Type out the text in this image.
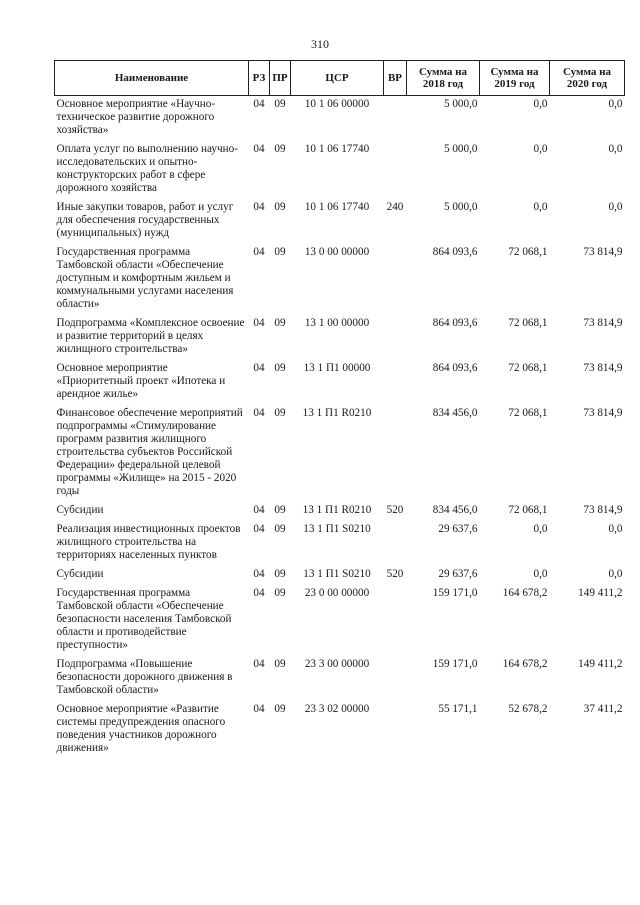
310
Наименование	РЗ	ПР	ЦСР	ВР	Сумма на 2018 год	Сумма на 2019 год	Сумма на 2020 год
Основное мероприятие «Научно-техническое развитие дорожного хозяйства»	04	09	10 1 06 00000		5 000,0	0,0	0,0
Оплата услуг по выполнению научно-исследовательских и опытно-конструкторских работ в сфере дорожного хозяйства	04	09	10 1 06 17740		5 000,0	0,0	0,0
Иные закупки товаров, работ и услуг для обеспечения государственных (муниципальных) нужд	04	09	10 1 06 17740	240	5 000,0	0,0	0,0
Государственная программа Тамбовской области «Обеспечение доступным и комфортным жильем и коммунальными услугами населения области»	04	09	13 0 00 00000		864 093,6	72 068,1	73 814,9
Подпрограмма «Комплексное освоение и развитие территорий в целях жилищного строительства»	04	09	13 1 00 00000		864 093,6	72 068,1	73 814,9
Основное мероприятие «Приоритетный проект «Ипотека и арендное жилье»	04	09	13 1 П1 00000		864 093,6	72 068,1	73 814,9
Финансовое обеспечение мероприятий подпрограммы «Стимулирование программ развития жилищного строительства субъектов Российской Федерации» федеральной целевой программы «Жилище» на 2015 - 2020 годы	04	09	13 1 П1 R0210		834 456,0	72 068,1	73 814,9
Субсидии	04	09	13 1 П1 R0210	520	834 456,0	72 068,1	73 814,9
Реализация инвестиционных проектов жилищного строительства на территориях населенных пунктов	04	09	13 1 П1 S0210		29 637,6	0,0	0,0
Субсидии	04	09	13 1 П1 S0210	520	29 637,6	0,0	0,0
Государственная программа Тамбовской области «Обеспечение безопасности населения Тамбовской области и противодействие преступности»	04	09	23 0 00 00000		159 171,0	164 678,2	149 411,2
Подпрограмма «Повышение безопасности дорожного движения в Тамбовской области»	04	09	23 3 00 00000		159 171,0	164 678,2	149 411,2
Основное мероприятие «Развитие системы предупреждения опасного поведения участников дорожного движения»	04	09	23 3 02 00000		55 171,1	52 678,2	37 411,2
